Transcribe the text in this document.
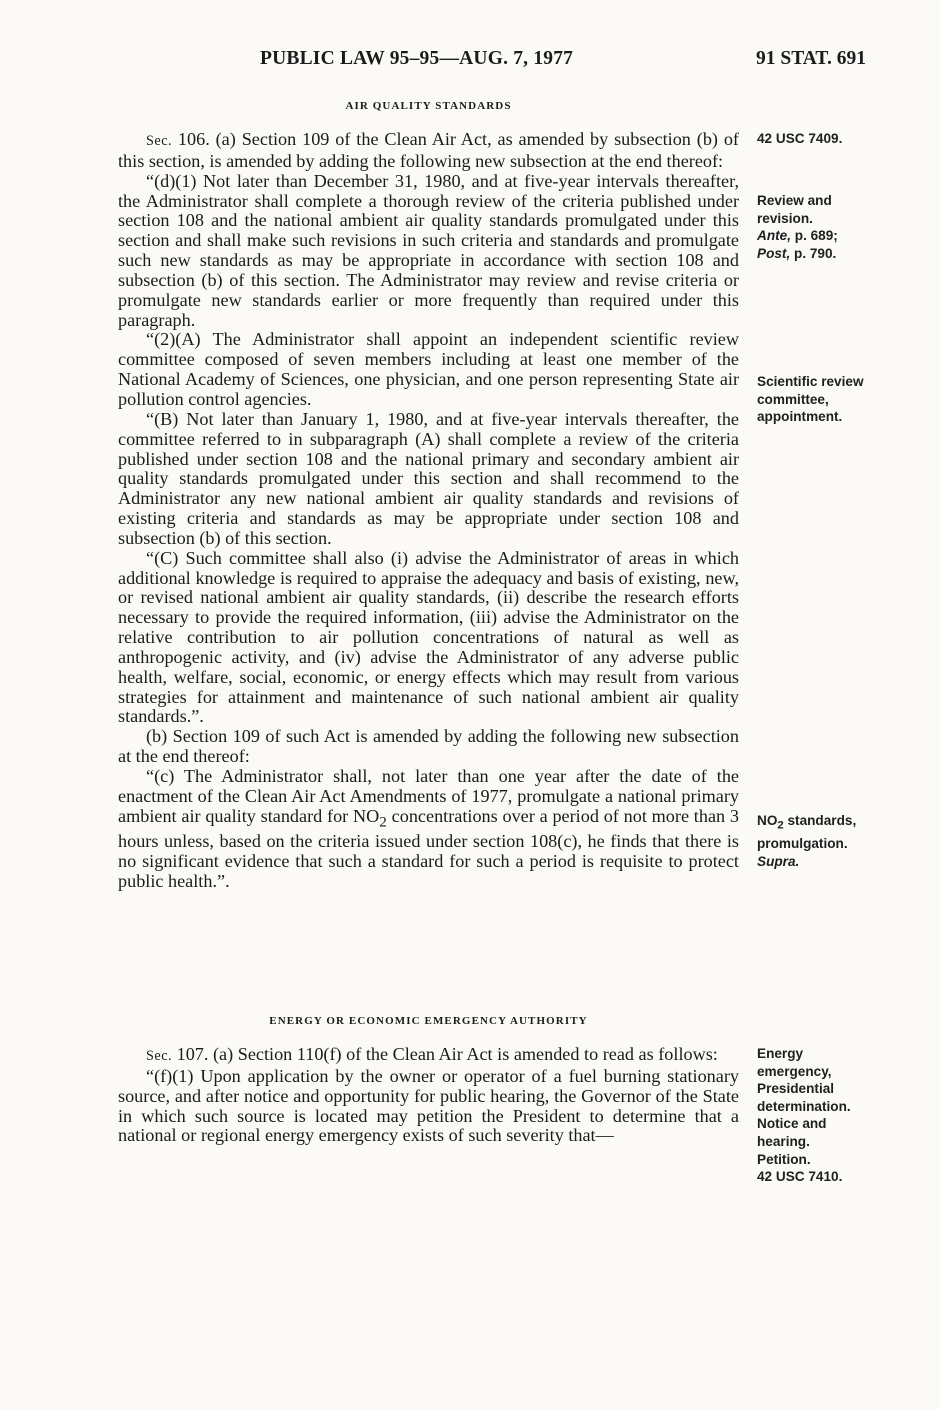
PUBLIC LAW 95–95—AUG. 7, 1977	91 STAT. 691
AIR QUALITY STANDARDS

Sec. 106. (a) Section 109 of the Clean Air Act, as amended by subsection (b) of this section, is amended by adding the following new subsection at the end thereof:

“(d)(1) Not later than December 31, 1980, and at five-year intervals thereafter, the Administrator shall complete a thorough review of the criteria published under section 108 and the national ambient air quality standards promulgated under this section and shall make such revisions in such criteria and standards and promulgate such new standards as may be appropriate in accordance with section 108 and subsection (b) of this section. The Administrator may review and revise criteria or promulgate new standards earlier or more frequently than required under this paragraph.

“(2)(A) The Administrator shall appoint an independent scientific review committee composed of seven members including at least one member of the National Academy of Sciences, one physician, and one person representing State air pollution control agencies.

“(B) Not later than January 1, 1980, and at five-year intervals thereafter, the committee referred to in subparagraph (A) shall complete a review of the criteria published under section 108 and the national primary and secondary ambient air quality standards promulgated under this section and shall recommend to the Administrator any new national ambient air quality standards and revisions of existing criteria and standards as may be appropriate under section 108 and subsection (b) of this section.

“(C) Such committee shall also (i) advise the Administrator of areas in which additional knowledge is required to appraise the adequacy and basis of existing, new, or revised national ambient air quality standards, (ii) describe the research efforts necessary to provide the required information, (iii) advise the Administrator on the relative contribution to air pollution concentrations of natural as well as anthropogenic activity, and (iv) advise the Administrator of any adverse public health, welfare, social, economic, or energy effects which may result from various strategies for attainment and maintenance of such national ambient air quality standards.”.

(b) Section 109 of such Act is amended by adding the following new subsection at the end thereof:

“(c) The Administrator shall, not later than one year after the date of the enactment of the Clean Air Act Amendments of 1977, promulgate a national primary ambient air quality standard for $NO_2$ concentrations over a period of not more than 3 hours unless, based on the criteria issued under section 108(c), he finds that there is no significant evidence that such a standard for such a period is requisite to protect public health.”.

ENERGY OR ECONOMIC EMERGENCY AUTHORITY

Sec. 107. (a) Section 110(f) of the Clean Air Act is amended to read as follows:

“(f)(1) Upon application by the owner or operator of a fuel burning stationary source, and after notice and opportunity for public hearing, the Governor of the State in which such source is located may petition the President to determine that a national or regional energy emergency exists of such severity that—

42 USC 7409.
Review and
revision.
Ante, p. 689;
Post, p. 790.
Scientific review
committee,
appointment.
$NO_2$ standards,
promulgation.
Supra.
Energy
emergency,
Presidential
determination.
Notice and
hearing.
Petition.
42 USC 7410.
